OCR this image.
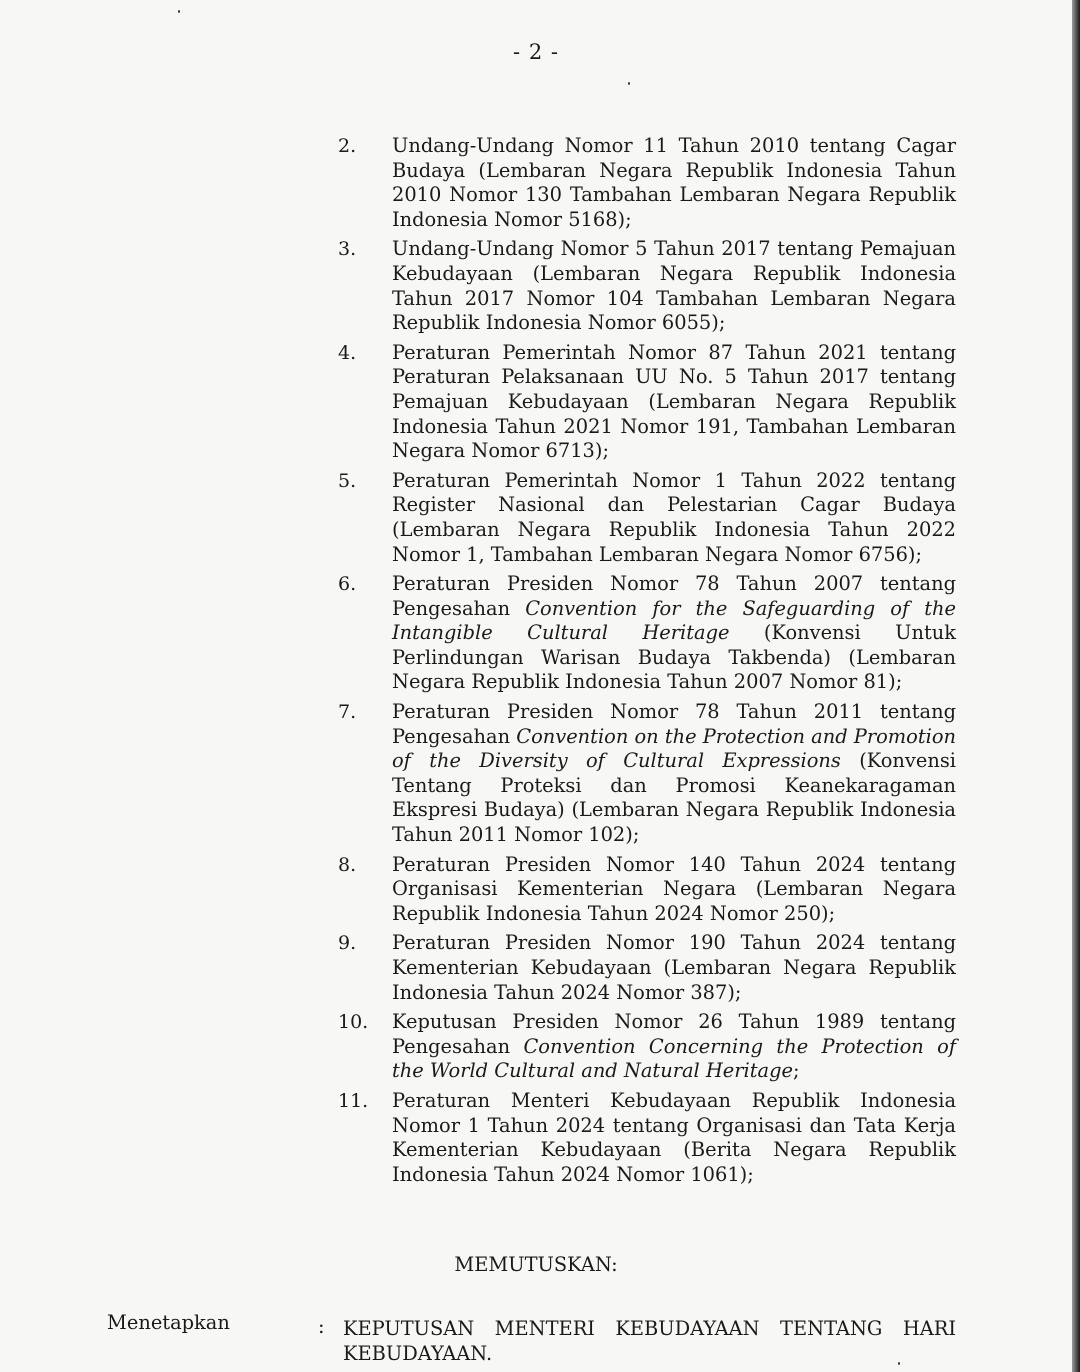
- 2 -
2.	Undang-Undang Nomor 11 Tahun 2010 tentang Cagar Budaya (Lembaran Negara Republik Indonesia Tahun 2010 Nomor 130 Tambahan Lembaran Negara Republik Indonesia Nomor 5168);
3.	Undang-Undang Nomor 5 Tahun 2017 tentang Pemajuan Kebudayaan (Lembaran Negara Republik Indonesia Tahun 2017 Nomor 104 Tambahan Lembaran Negara Republik Indonesia Nomor 6055);
4.	Peraturan Pemerintah Nomor 87 Tahun 2021 tentang Peraturan Pelaksanaan UU No. 5 Tahun 2017 tentang Pemajuan Kebudayaan (Lembaran Negara Republik Indonesia Tahun 2021 Nomor 191, Tambahan Lembaran Negara Nomor 6713);
5.	Peraturan Pemerintah Nomor 1 Tahun 2022 tentang Register Nasional dan Pelestarian Cagar Budaya (Lembaran Negara Republik Indonesia Tahun 2022 Nomor 1, Tambahan Lembaran Negara Nomor 6756);
6.	Peraturan Presiden Nomor 78 Tahun 2007 tentang Pengesahan Convention for the Safeguarding of the Intangible Cultural Heritage (Konvensi Untuk Perlindungan Warisan Budaya Takbenda) (Lembaran Negara Republik Indonesia Tahun 2007 Nomor 81);
7.	Peraturan Presiden Nomor 78 Tahun 2011 tentang Pengesahan Convention on the Protection and Promotion of the Diversity of Cultural Expressions (Konvensi Tentang Proteksi dan Promosi Keanekaragaman Ekspresi Budaya) (Lembaran Negara Republik Indonesia Tahun 2011 Nomor 102);
8.	Peraturan Presiden Nomor 140 Tahun 2024 tentang Organisasi Kementerian Negara (Lembaran Negara Republik Indonesia Tahun 2024 Nomor 250);
9.	Peraturan Presiden Nomor 190 Tahun 2024 tentang Kementerian Kebudayaan (Lembaran Negara Republik Indonesia Tahun 2024 Nomor 387);
10.	Keputusan Presiden Nomor 26 Tahun 1989 tentang Pengesahan Convention Concerning the Protection of the World Cultural and Natural Heritage;
11.	Peraturan Menteri Kebudayaan Republik Indonesia Nomor 1 Tahun 2024 tentang Organisasi dan Tata Kerja Kementerian Kebudayaan (Berita Negara Republik Indonesia Tahun 2024 Nomor 1061);
MEMUTUSKAN:
Menetapkan	: KEPUTUSAN MENTERI KEBUDAYAAN TENTANG HARI KEBUDAYAAN.
